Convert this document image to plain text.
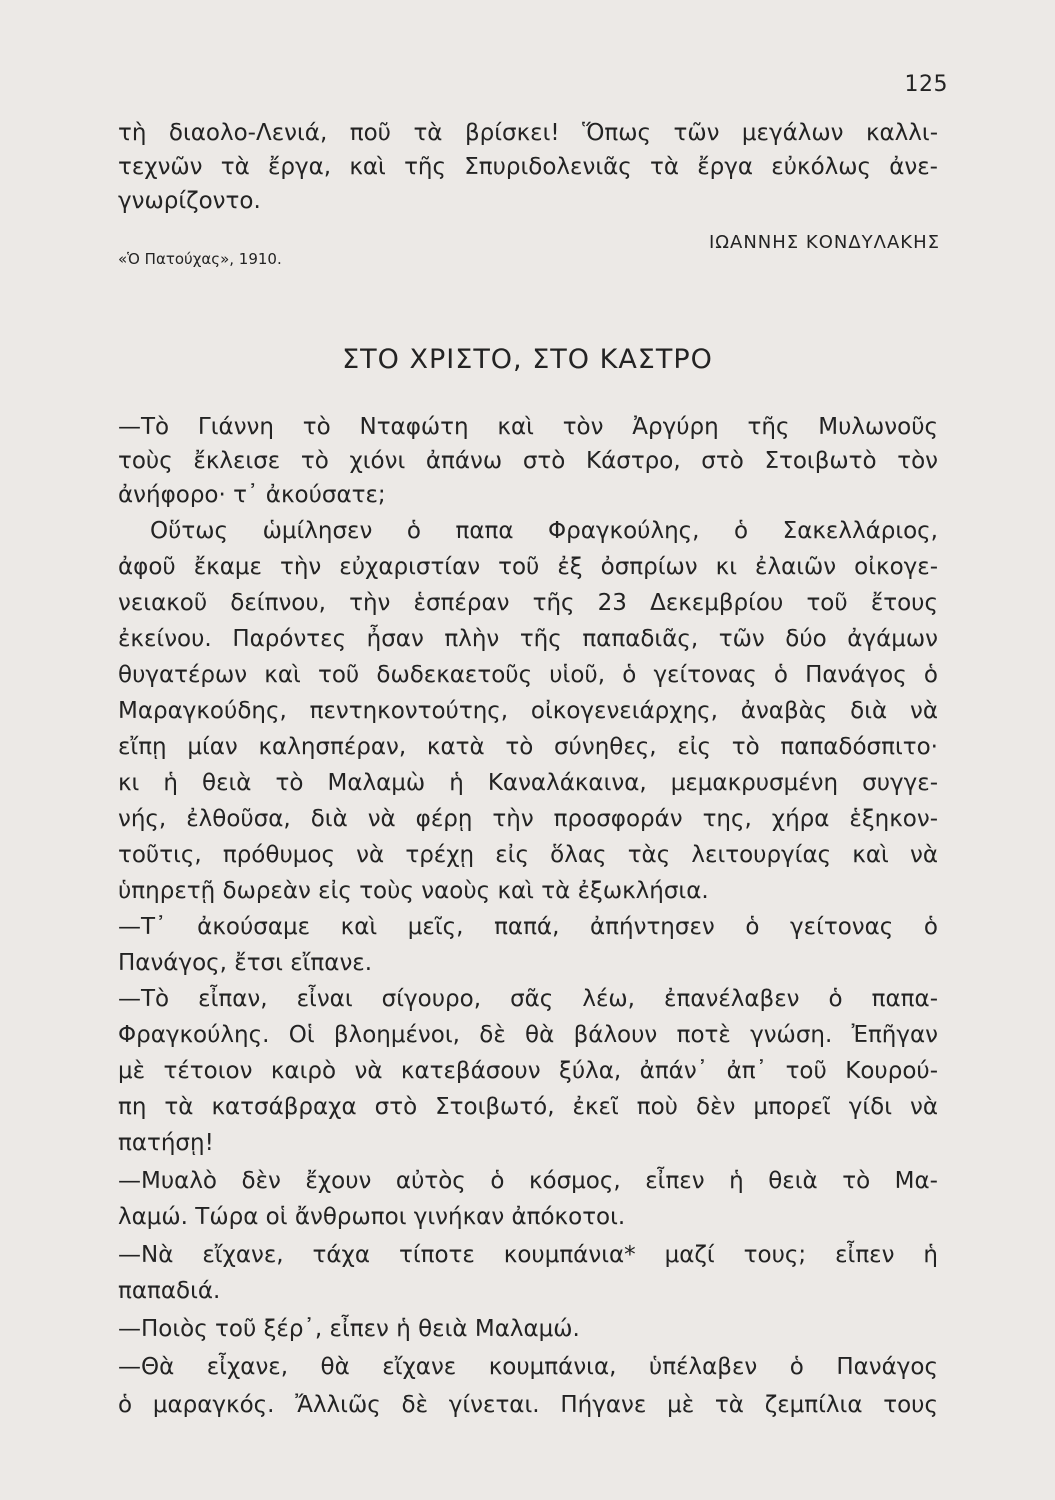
125
τὴ διαολο-Λενιά, ποῦ τὰ βρίσκει! Ὅπως τῶν μεγάλων καλλι-
τεχνῶν τὰ ἔργα, καὶ τῆς Σπυριδολενιᾶς τὰ ἔργα εὐκόλως ἀνε-
γνωρίζοντο.
ΙΩΑΝΝΗΣ ΚΟΝΔΥΛΑΚΗΣ
«Ὁ Πατούχας», 1910.
ΣΤΟ ΧΡΙΣΤΟ, ΣΤΟ ΚΑΣΤΡΟ
—Τὸ Γιάννη τὸ Νταφώτη καὶ τὸν Ἀργύρη τῆς Μυλωνοῦς
τοὺς ἔκλεισε τὸ χιόνι ἀπάνω στὸ Κάστρο, στὸ Στοιβωτὸ τὸν
ἀνήφορο· τ᾿ ἀκούσατε;
Οὕτως ὡμίλησεν ὁ παπα Φραγκούλης, ὁ Σακελλάριος,
ἀφοῦ ἔκαμε τὴν εὐχαριστίαν τοῦ ἐξ ὀσπρίων κι ἐλαιῶν οἰκογε-
νειακοῦ δείπνου, τὴν ἑσπέραν τῆς 23 Δεκεμβρίου τοῦ ἔτους
ἐκείνου. Παρόντες ἦσαν πλὴν τῆς παπαδιᾶς, τῶν δύο ἀγάμων
θυγατέρων καὶ τοῦ δωδεκαετοῦς υἱοῦ, ὁ γείτονας ὁ Πανάγος ὁ
Μαραγκούδης, πεντηκοντούτης, οἰκογενειάρχης, ἀναβὰς διὰ νὰ
εἴπῃ μίαν καλησπέραν, κατὰ τὸ σύνηθες, εἰς τὸ παπαδόσπιτο·
κι ἡ θειὰ τὸ Μαλαμὼ ἡ Καναλάκαινα, μεμακρυσμένη συγγε-
νής, ἐλθοῦσα, διὰ νὰ φέρῃ τὴν προσφοράν της, χήρα ἑξηκον-
τοῦτις, πρόθυμος νὰ τρέχῃ εἰς ὅλας τὰς λειτουργίας καὶ νὰ
ὑπηρετῇ δωρεὰν εἰς τοὺς ναοὺς καὶ τὰ ἐξωκλήσια.
—Τ᾿ ἀκούσαμε καὶ μεῖς, παπά, ἀπήντησεν ὁ γείτονας ὁ
Πανάγος, ἔτσι εἴπανε.
—Τὸ εἶπαν, εἶναι σίγουρο, σᾶς λέω, ἐπανέλαβεν ὁ παπα-
Φραγκούλης. Οἱ βλοημένοι, δὲ θὰ βάλουν ποτὲ γνώση. Ἐπῆγαν
μὲ τέτοιον καιρὸ νὰ κατεβάσουν ξύλα, ἀπάν᾿ ἀπ᾿ τοῦ Κουρού-
πη τὰ κατσάβραχα στὸ Στοιβωτό, ἐκεῖ ποὺ δὲν μπορεῖ γίδι νὰ
πατήσῃ!
—Μυαλὸ δὲν ἔχουν αὐτὸς ὁ κόσμος, εἶπεν ἡ θειὰ τὸ Μα-
λαμώ. Τώρα οἱ ἄνθρωποι γινήκαν ἀπόκοτοι.
—Νὰ εἴχανε, τάχα τίποτε κουμπάνια* μαζί τους; εἶπεν ἡ
παπαδιά.
—Ποιὸς τοῦ ξέρ᾿, εἶπεν ἡ θειὰ Μαλαμώ.
—Θὰ εἶχανε, θὰ εἴχανε κουμπάνια, ὑπέλαβεν ὁ Πανάγος
ὁ μαραγκός. Ἄλλιῶς δὲ γίνεται. Πήγανε μὲ τὰ ζεμπίλια τους
